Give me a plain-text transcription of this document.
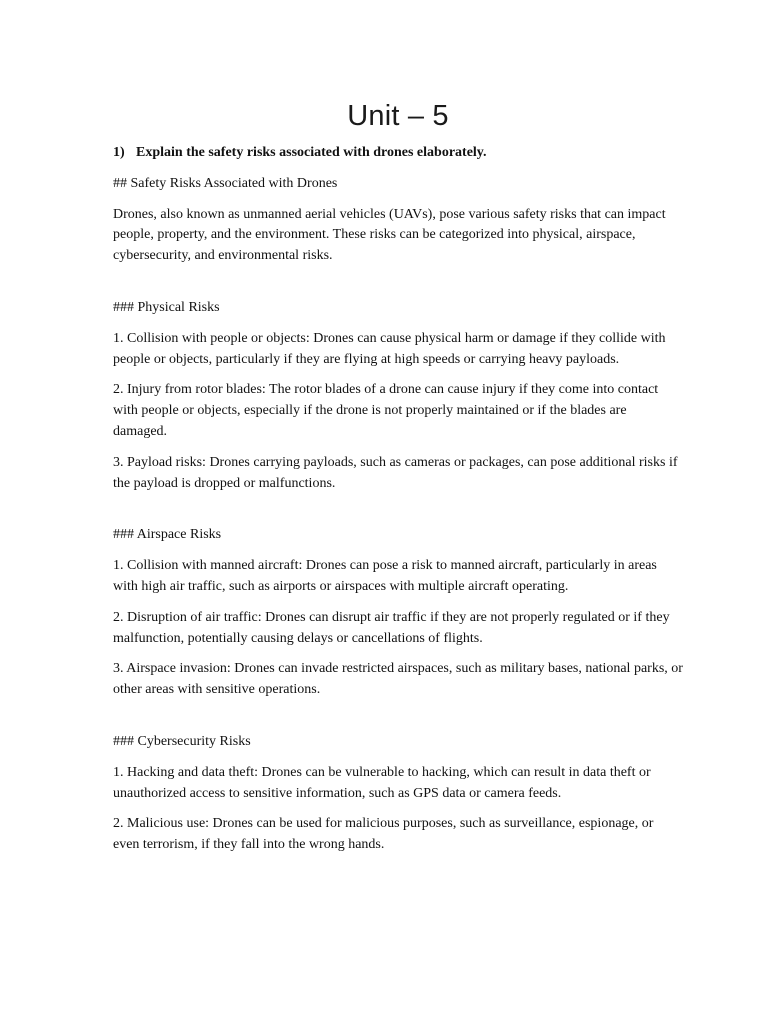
Unit – 5
1) Explain the safety risks associated with drones elaborately.

## Safety Risks Associated with Drones

Drones, also known as unmanned aerial vehicles (UAVs), pose various safety risks that can impact people, property, and the environment. These risks can be categorized into physical, airspace, cybersecurity, and environmental risks.

### Physical Risks

1. Collision with people or objects: Drones can cause physical harm or damage if they collide with people or objects, particularly if they are flying at high speeds or carrying heavy payloads.

2. Injury from rotor blades: The rotor blades of a drone can cause injury if they come into contact with people or objects, especially if the drone is not properly maintained or if the blades are damaged.

3. Payload risks: Drones carrying payloads, such as cameras or packages, can pose additional risks if the payload is dropped or malfunctions.

### Airspace Risks

1. Collision with manned aircraft: Drones can pose a risk to manned aircraft, particularly in areas with high air traffic, such as airports or airspaces with multiple aircraft operating.

2. Disruption of air traffic: Drones can disrupt air traffic if they are not properly regulated or if they malfunction, potentially causing delays or cancellations of flights.

3. Airspace invasion: Drones can invade restricted airspaces, such as military bases, national parks, or other areas with sensitive operations.

### Cybersecurity Risks

1. Hacking and data theft: Drones can be vulnerable to hacking, which can result in data theft or unauthorized access to sensitive information, such as GPS data or camera feeds.

2. Malicious use: Drones can be used for malicious purposes, such as surveillance, espionage, or even terrorism, if they fall into the wrong hands.
